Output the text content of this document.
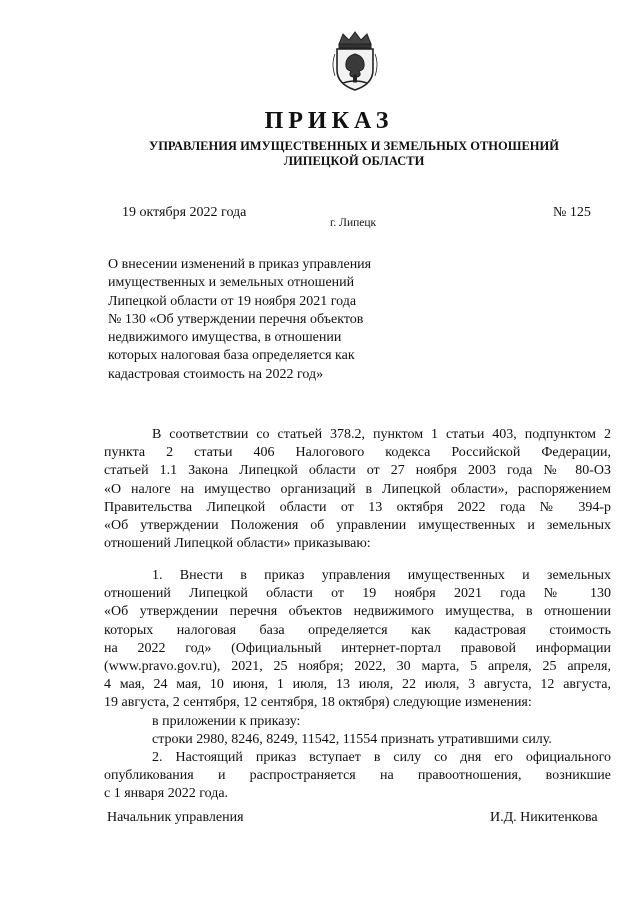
ПРИКАЗ
УПРАВЛЕНИЯ ИМУЩЕСТВЕННЫХ И ЗЕМЕЛЬНЫХ ОТНОШЕНИЙ
ЛИПЕЦКОЙ ОБЛАСТИ
19 октября 2022 года
г. Липецк
№ 125
О внесении изменений в приказ управления
имущественных и земельных отношений
Липецкой области от 19 ноября 2021 года
№ 130 «Об утверждении перечня объектов
недвижимого имущества, в отношении
которых налоговая база определяется как
кадастровая стоимость на 2022 год»
В соответствии со статьей 378.2, пунктом 1 статьи 403, подпунктом 2
пункта 2 статьи 406 Налогового кодекса Российской Федерации,
статьей 1.1 Закона Липецкой области от 27 ноября 2003 года № 80-ОЗ
«О налоге на имущество организаций в Липецкой области», распоряжением
Правительства Липецкой области от 13 октября 2022 года № 394-р
«Об утверждении Положения об управлении имущественных и земельных
отношений Липецкой области» приказываю:
1. Внести в приказ управления имущественных и земельных
отношений Липецкой области от 19 ноября 2021 года № 130
«Об утверждении перечня объектов недвижимого имущества, в отношении
которых налоговая база определяется как кадастровая стоимость
на 2022 год» (Официальный интернет-портал правовой информации
(www.pravo.gov.ru), 2021, 25 ноября; 2022, 30 марта, 5 апреля, 25 апреля,
4 мая, 24 мая, 10 июня, 1 июля, 13 июля, 22 июля, 3 августа, 12 августа,
19 августа, 2 сентября, 12 сентября, 18 октября) следующие изменения:
в приложении к приказу:
строки 2980, 8246, 8249, 11542, 11554 признать утратившими силу.
2. Настоящий приказ вступает в силу со дня его официального
опубликования и распространяется на правоотношения, возникшие
с 1 января 2022 года.
Начальник управления	И.Д. Никитенкова
